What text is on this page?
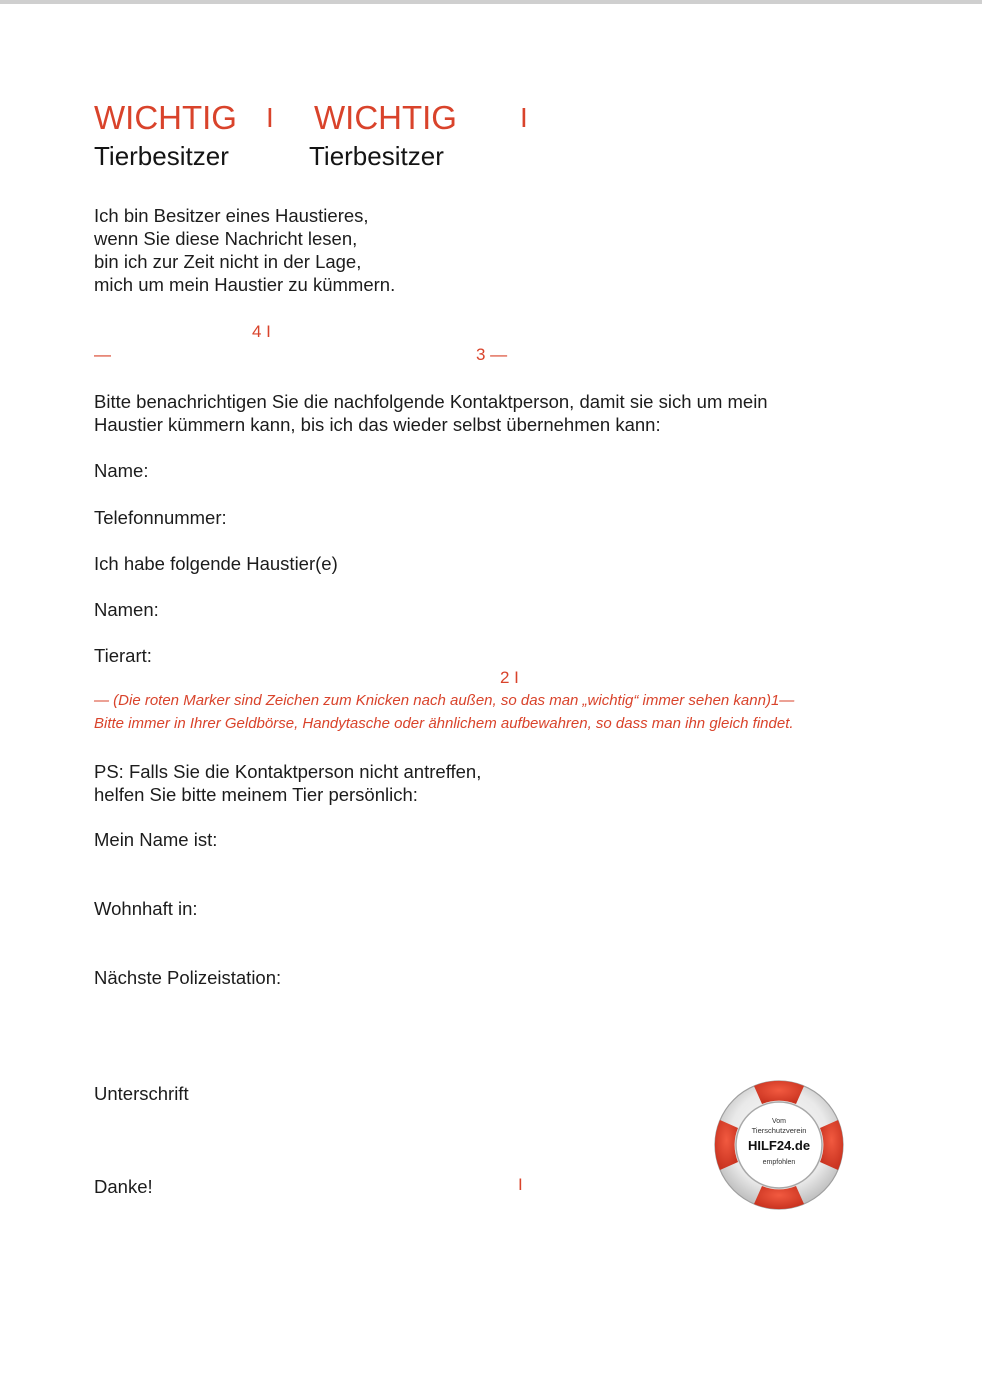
WICHTIG I WICHTIG I
Tierbesitzer	Tierbesitzer
Ich bin Besitzer eines Haustieres,
wenn Sie diese Nachricht lesen,
bin ich zur Zeit nicht in der Lage,
mich um mein Haustier zu kümmern.
4 I
—	3 —
Bitte benachrichtigen Sie die nachfolgende Kontaktperson, damit sie sich um mein
Haustier kümmern kann, bis ich das wieder selbst übernehmen kann:
Name:
Telefonnummer:
Ich habe folgende Haustier(e)
Namen:
Tierart:
2 I
— (Die roten Marker sind Zeichen zum Knicken nach außen, so das man „wichtig“ immer sehen kann)1—
Bitte immer in Ihrer Geldbörse, Handytasche oder ähnlichem aufbewahren, so dass man ihn gleich findet.
PS: Falls Sie die Kontaktperson nicht antreffen,
helfen Sie bitte meinem Tier persönlich:
Mein Name ist:
Wohnhaft in:
Nächste Polizeistation:
Unterschrift
Danke!	I
Vom
Tierschutzverein
HILF24.de
empfohlen
